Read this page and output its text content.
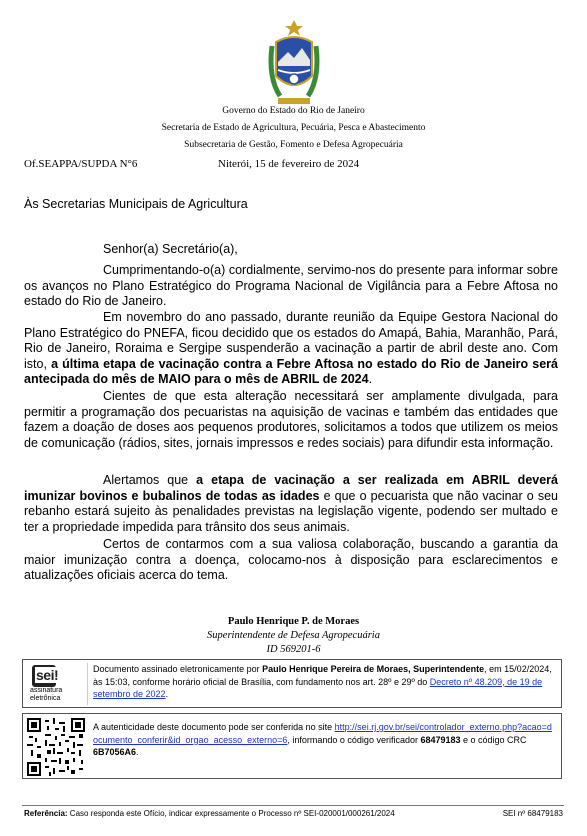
Governo do Estado do Rio de Janeiro
Secretaria de Estado de Agricultura, Pecuária, Pesca e Abastecimento
Subsecretaria de Gestão, Fomento e Defesa Agropecuária
Of.SEAPPA/SUPDA N°6	Niterói, 15 de fevereiro de 2024
Às Secretarias Municipais de Agricultura
Senhor(a) Secretário(a),

Cumprimentando-o(a) cordialmente, servimo-nos do presente para informar sobre os avanços no Plano Estratégico do Programa Nacional de Vigilância para a Febre Aftosa no estado do Rio de Janeiro.

Em novembro do ano passado, durante reunião da Equipe Gestora Nacional do Plano Estratégico do PNEFA, ficou decidido que os estados do Amapá, Bahia, Maranhão, Pará, Rio de Janeiro, Roraima e Sergipe suspenderão a vacinação a partir de abril deste ano. Com isto, a última etapa de vacinação contra a Febre Aftosa no estado do Rio de Janeiro será antecipada do mês de MAIO para o mês de ABRIL de 2024.

Cientes de que esta alteração necessitará ser amplamente divulgada, para permitir a programação dos pecuaristas na aquisição de vacinas e também das entidades que fazem a doação de doses aos pequenos produtores, solicitamos a todos que utilizem os meios de comunicação (rádios, sites, jornais impressos e redes sociais) para difundir esta informação.

Alertamos que a etapa de vacinação a ser realizada em ABRIL deverá imunizar bovinos e bubalinos de todas as idades e que o pecuarista que não vacinar o seu rebanho estará sujeito às penalidades previstas na legislação vigente, podendo ser multado e ter a propriedade impedida para trânsito dos seus animais.

Certos de contarmos com a sua valiosa colaboração, buscando a garantia da maior imunização contra a doença, colocamo-nos à disposição para esclarecimentos e atualizações oficiais acerca do tema.

Paulo Henrique P. de Moraes
Superintendente de Defesa Agropecuária
ID 569201-6
sei!
assinatura
eletrônica
Documento assinado eletronicamente por Paulo Henrique Pereira de Moraes, Superintendente, em 15/02/2024, às 15:03, conforme horário oficial de Brasília, com fundamento nos art. 28º e 29º do Decreto nº 48.209, de 19 de setembro de 2022.
A autenticidade deste documento pode ser conferida no site http://sei.rj.gov.br/sei/controlador_externo.php?acao=documento_conferir&id_orgao_acesso_externo=6, informando o código verificador 68479183 e o código CRC 6B7056A6.
Referência: Caso responda este Ofício, indicar expressamente o Processo nº SEI-020001/000261/2024	SEI nº 68479183
